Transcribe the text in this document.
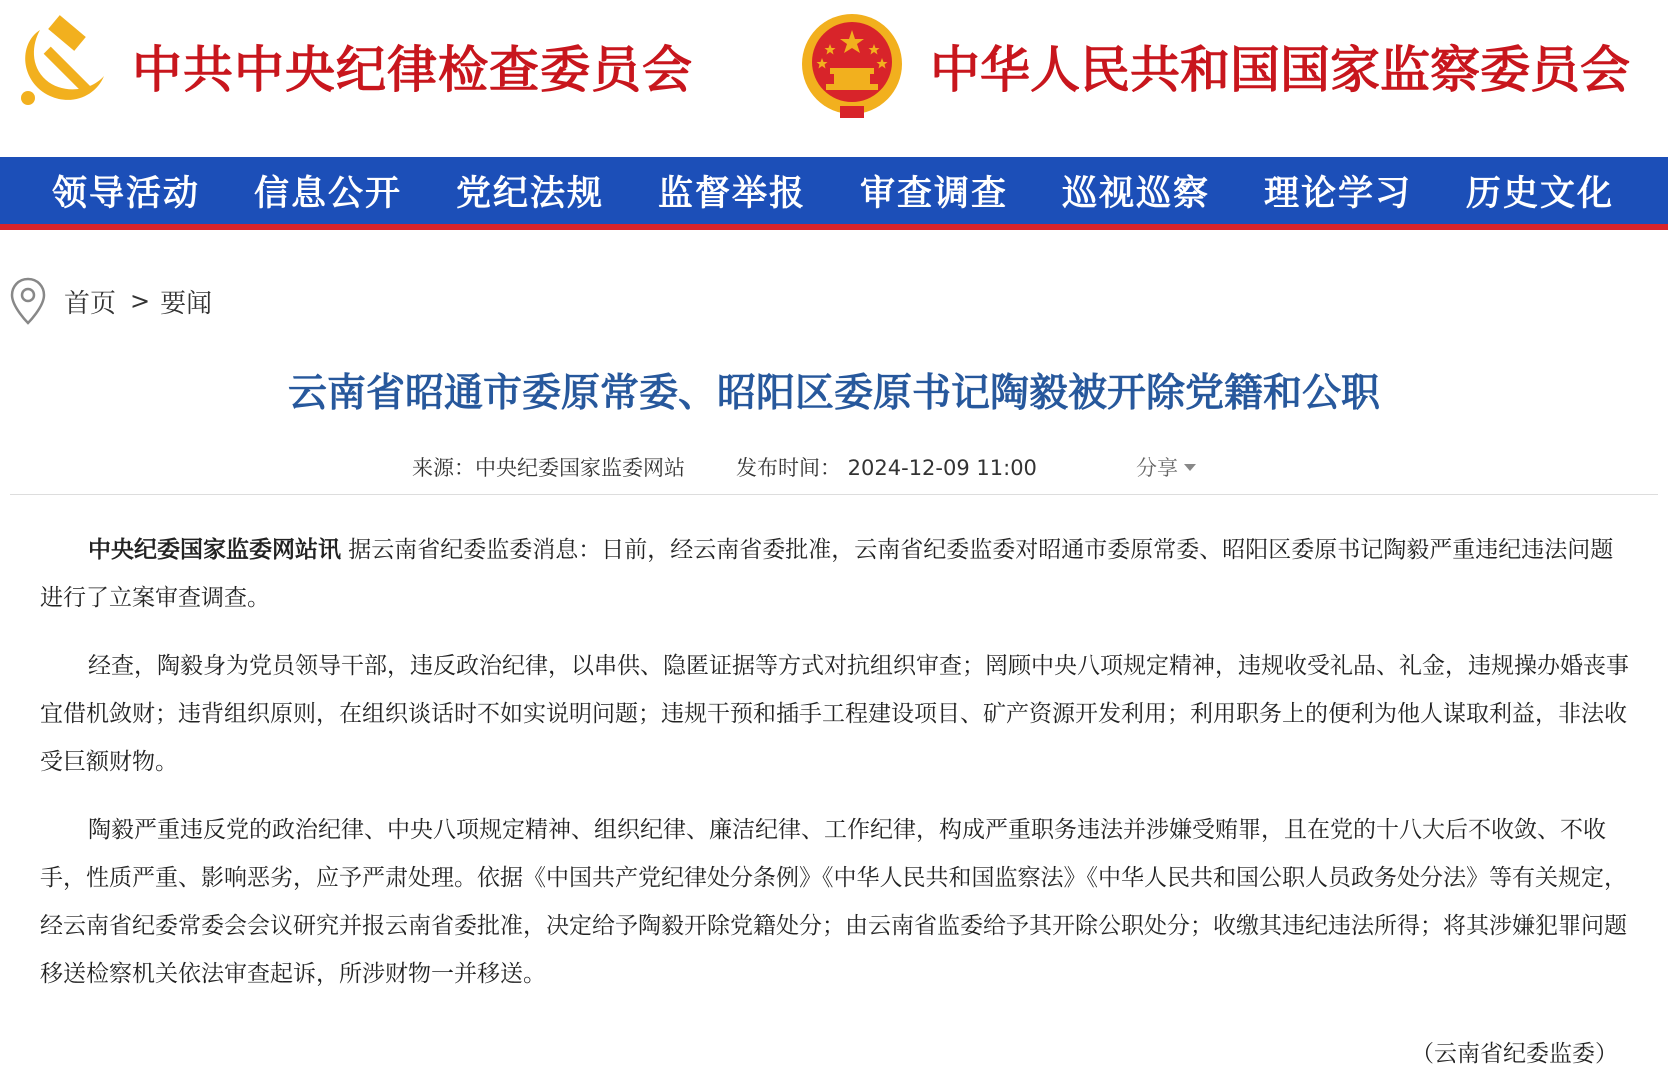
中共中央纪律检查委员会	中华人民共和国国家监察委员会
领导活动	信息公开	党纪法规	监督举报	审查调查	巡视巡察	理论学习	历史文化
首页 > 要闻
云南省昭通市委原常委、昭阳区委原书记陶毅被开除党籍和公职
来源：中央纪委国家监委网站 发布时间： 2024-12-09 11:00	分享

中央纪委国家监委网站讯 据云南省纪委监委消息：日前，经云南省委批准，云南省纪委监委对昭通市委原常委、昭阳区委原书记陶毅严重违纪违法问题进行了立案审查调查。

经查，陶毅身为党员领导干部，违反政治纪律，以串供、隐匿证据等方式对抗组织审查；罔顾中央八项规定精神，违规收受礼品、礼金，违规操办婚丧事宜借机敛财；违背组织原则，在组织谈话时不如实说明问题；违规干预和插手工程建设项目、矿产资源开发利用；利用职务上的便利为他人谋取利益，非法收受巨额财物。

陶毅严重违反党的政治纪律、中央八项规定精神、组织纪律、廉洁纪律、工作纪律，构成严重职务违法并涉嫌受贿罪，且在党的十八大后不收敛、不收手，性质严重、影响恶劣，应予严肃处理。依据《中国共产党纪律处分条例》《中华人民共和国监察法》《中华人民共和国公职人员政务处分法》等有关规定，经云南省纪委常委会会议研究并报云南省委批准，决定给予陶毅开除党籍处分；由云南省监委给予其开除公职处分；收缴其违纪违法所得；将其涉嫌犯罪问题移送检察机关依法审查起诉，所涉财物一并移送。

（云南省纪委监委）
